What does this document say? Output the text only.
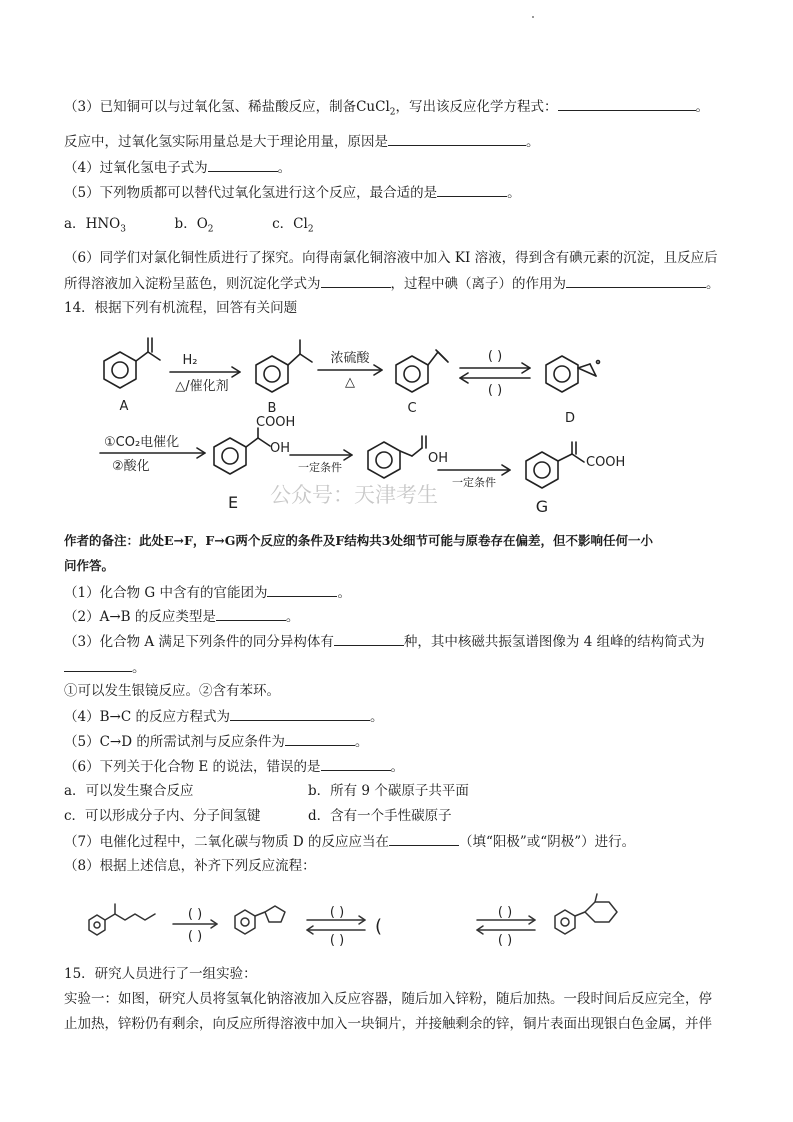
（3）已知铜可以与过氧化氢、稀盐酸反应，制备CuCl$_2$，写出该反应化学方程式：	。
反应中，过氧化氢实际用量总是大于理论用量，原因是	。
（4）过氧化氢电子式为	。
（5）下列物质都可以替代过氧化氢进行这个反应，最合适的是	。
a．$HNO_3$	b．$O_2$	c．$Cl_2$
（6）同学们对氯化铜性质进行了探究。向得南氯化铜溶液中加入 KI 溶液，得到含有碘元素的沉淀，且反应后
所得溶液加入淀粉呈蓝色，则沉淀化学式为	，过程中碘（离子）的作用为	。
14．根据下列有机流程，回答有关问题
A	B	C
D
H₂
△/催化剂
浓硫酸
△
( )
( )
①CO₂电催化
②酸化
COOH
OH
OH	COOH
一定条件
一定条件
E	G
公众号：天津考生
作者的备注：此处E→F，F→G两个反应的条件及F结构共3处细节可能与原卷存在偏差，但不影响任何一小
问作答。
（1）化合物 G 中含有的官能团为	。
（2）A→B 的反应类型是	。
（3）化合物 A 满足下列条件的同分异构体有	种，其中核磁共振氢谱图像为 4 组峰的结构简式为
。
①可以发生银镜反应。②含有苯环。
（4）B→C 的反应方程式为	。
（5）C→D 的所需试剂与反应条件为	。
（6）下列关于化合物 E 的说法，错误的是	。
a．可以发生聚合反应	b．所有 9 个碳原子共平面
c．可以形成分子内、分子间氢键	d．含有一个手性碳原子
（7）电催化过程中，二氧化碳与物质 D 的反应应当在	（填“阳极”或“阴极”）进行。
（8）根据上述信息，补齐下列反应流程：
( )
( )
( )
( )
(
( )
( )
15．研究人员进行了一组实验：
实验一：如图，研究人员将氢氧化钠溶液加入反应容器，随后加入锌粉，随后加热。一段时间后反应完全，停
止加热，锌粉仍有剩余，向反应所得溶液中加入一块铜片，并接触剩余的锌，铜片表面出现银白色金属，并伴
